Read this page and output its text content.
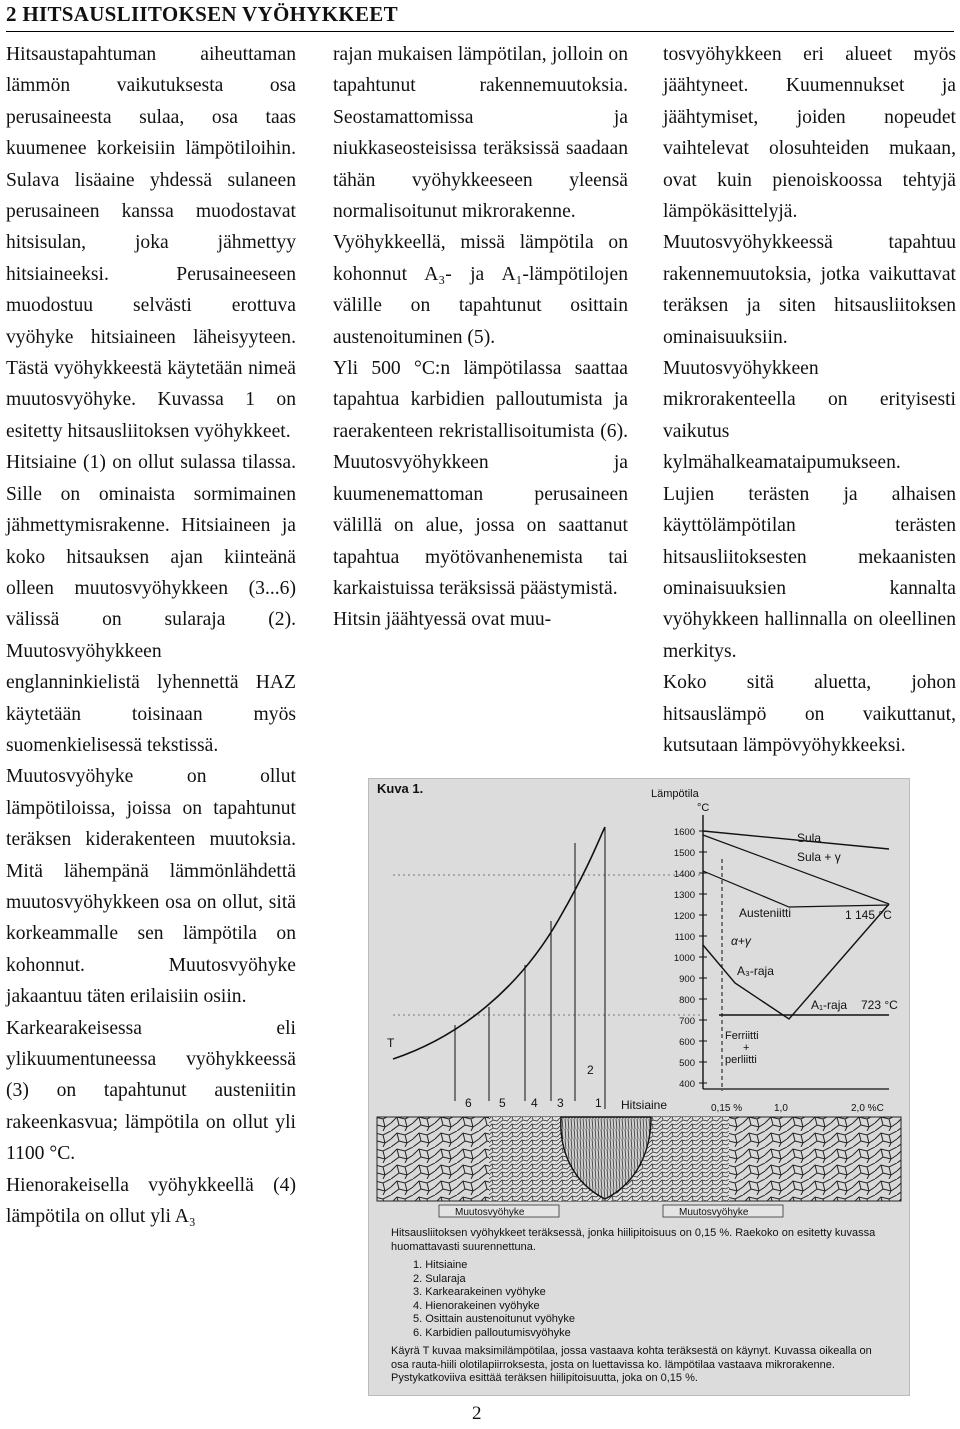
2 HITSAUSLIITOKSEN VYÖHYKKEET

Hitsaustapahtuman aiheuttaman lämmön vaikutuksesta osa perusaineesta sulaa, osa taas kuumenee korkeisiin lämpötiloihin. Sulava lisäaine yhdessä sulaneen perusaineen kanssa muodostavat hitsisulan, joka jähmettyy hitsiaineeksi. Perusaineeseen muodostuu selvästi erottuva vyöhyke hitsiaineen läheisyyteen. Tästä vyöhykkeestä käytetään nimeä muutosvyöhyke. Kuvassa 1 on esitetty hitsausliitoksen vyöhykkeet.

Hitsiaine (1) on ollut sulassa tilassa. Sille on ominaista sormimainen jähmettymisrakenne. Hitsiaineen ja koko hitsauksen ajan kiinteänä olleen muutosvyöhykkeen (3...6) välissä on sularaja (2). Muutosvyöhykkeen englanninkielistä lyhennettä HAZ käytetään toisinaan myös suomenkielisessä tekstissä.

Muutosvyöhyke on ollut lämpötiloissa, joissa on tapahtunut teräksen kiderakenteen muutoksia. Mitä lähempänä lämmönlähdettä muutosvyöhykkeen osa on ollut, sitä korkeammalle sen lämpötila on kohonnut. Muutosvyöhyke jakaantuu täten erilaisiin osiin.

Karkearakeisessa eli ylikuumentuneessa vyöhykkeessä (3) on tapahtunut austeniitin rakeenkasvua; lämpötila on ollut yli 1100 °C.

Hienorakeisella vyöhykkeellä (4) lämpötila on ollut yli A₃

rajan mukaisen lämpötilan, jolloin on tapahtunut rakennemuutoksia. Seostamattomissa ja niukkaseosteisissa teräksissä saadaan tähän vyöhykkeeseen yleensä normalisoitunut mikrorakenne.

Vyöhykkeellä, missä lämpötila on kohonnut A₃- ja A₁-lämpötilojen välille on tapahtunut osittain austenoituminen (5).

Yli 500 °C:n lämpötilassa saattaa tapahtua karbidien palloutumista ja raerakenteen rekristallisoitumista (6). Muutosvyöhykkeen ja kuumenemattoman perusaineen välillä on alue, jossa on saattanut tapahtua myötövanhenemista tai karkaistuissa teräksissä päästymistä.

Hitsin jäähtyessä ovat muu-

tosvyöhykkeen eri alueet myös jäähtyneet. Kuumennukset ja jäähtymiset, joiden nopeudet vaihtelevat olosuhteiden mukaan, ovat kuin pienoiskoossa tehtyjä lämpökäsittelyjä. Muutosvyöhykkeessä tapahtuu rakennemuutoksia, jotka vaikuttavat teräksen ja siten hitsausliitoksen ominaisuuksiin.

Muutosvyöhykkeen mikrorakenteella on erityisesti vaikutus kylmähalkeamataipumukseen. Lujien terästen ja alhaisen käyttölämpötilan terästen hitsausliitoksesten mekaanisten ominaisuuksien kannalta vyöhykkeen hallinnalla on oleellinen merkitys.

Koko sitä aluetta, johon hitsauslämpö on vaikuttanut, kutsutaan lämpövyöhykkeeksi.

Kuva 1.	Lämpötila
°C
1600
1500
1400
1300
1200
1100
1000
900
800
700
600
500
400
0,15 %	1,0	2,0 %C
Sula
Sula + γ
Austeniitti	1 145 °C
α+γ
A₃-raja
A₁-raja 723 °C
Ferriitti
+
perliitti
T
2
6 5 4 3	1 Hitsiaine
Muutosvyöhyke	Muutosvyöhyke

Hitsausliitoksen vyöhykkeet teräksessä, jonka hiilipitoisuus on 0,15 %. Raekoko on esitetty kuvassa huomattavasti suurennettuna.

1. Hitsiaine
2. Sularaja
3. Karkearakeinen vyöhyke
4. Hienorakeinen vyöhyke
5. Osittain austenoitunut vyöhyke
6. Karbidien palloutumisvyöhyke

Käyrä T kuvaa maksimilämpötilaa, jossa vastaava kohta teräksestä on käynyt. Kuvassa oikealla on osa rauta-hiili olotilapiirroksesta, josta on luettavissa ko. lämpötilaa vastaava mikrorakenne. Pystykatkoviiva esittää teräksen hiilipitoisuutta, joka on 0,15 %.

2
